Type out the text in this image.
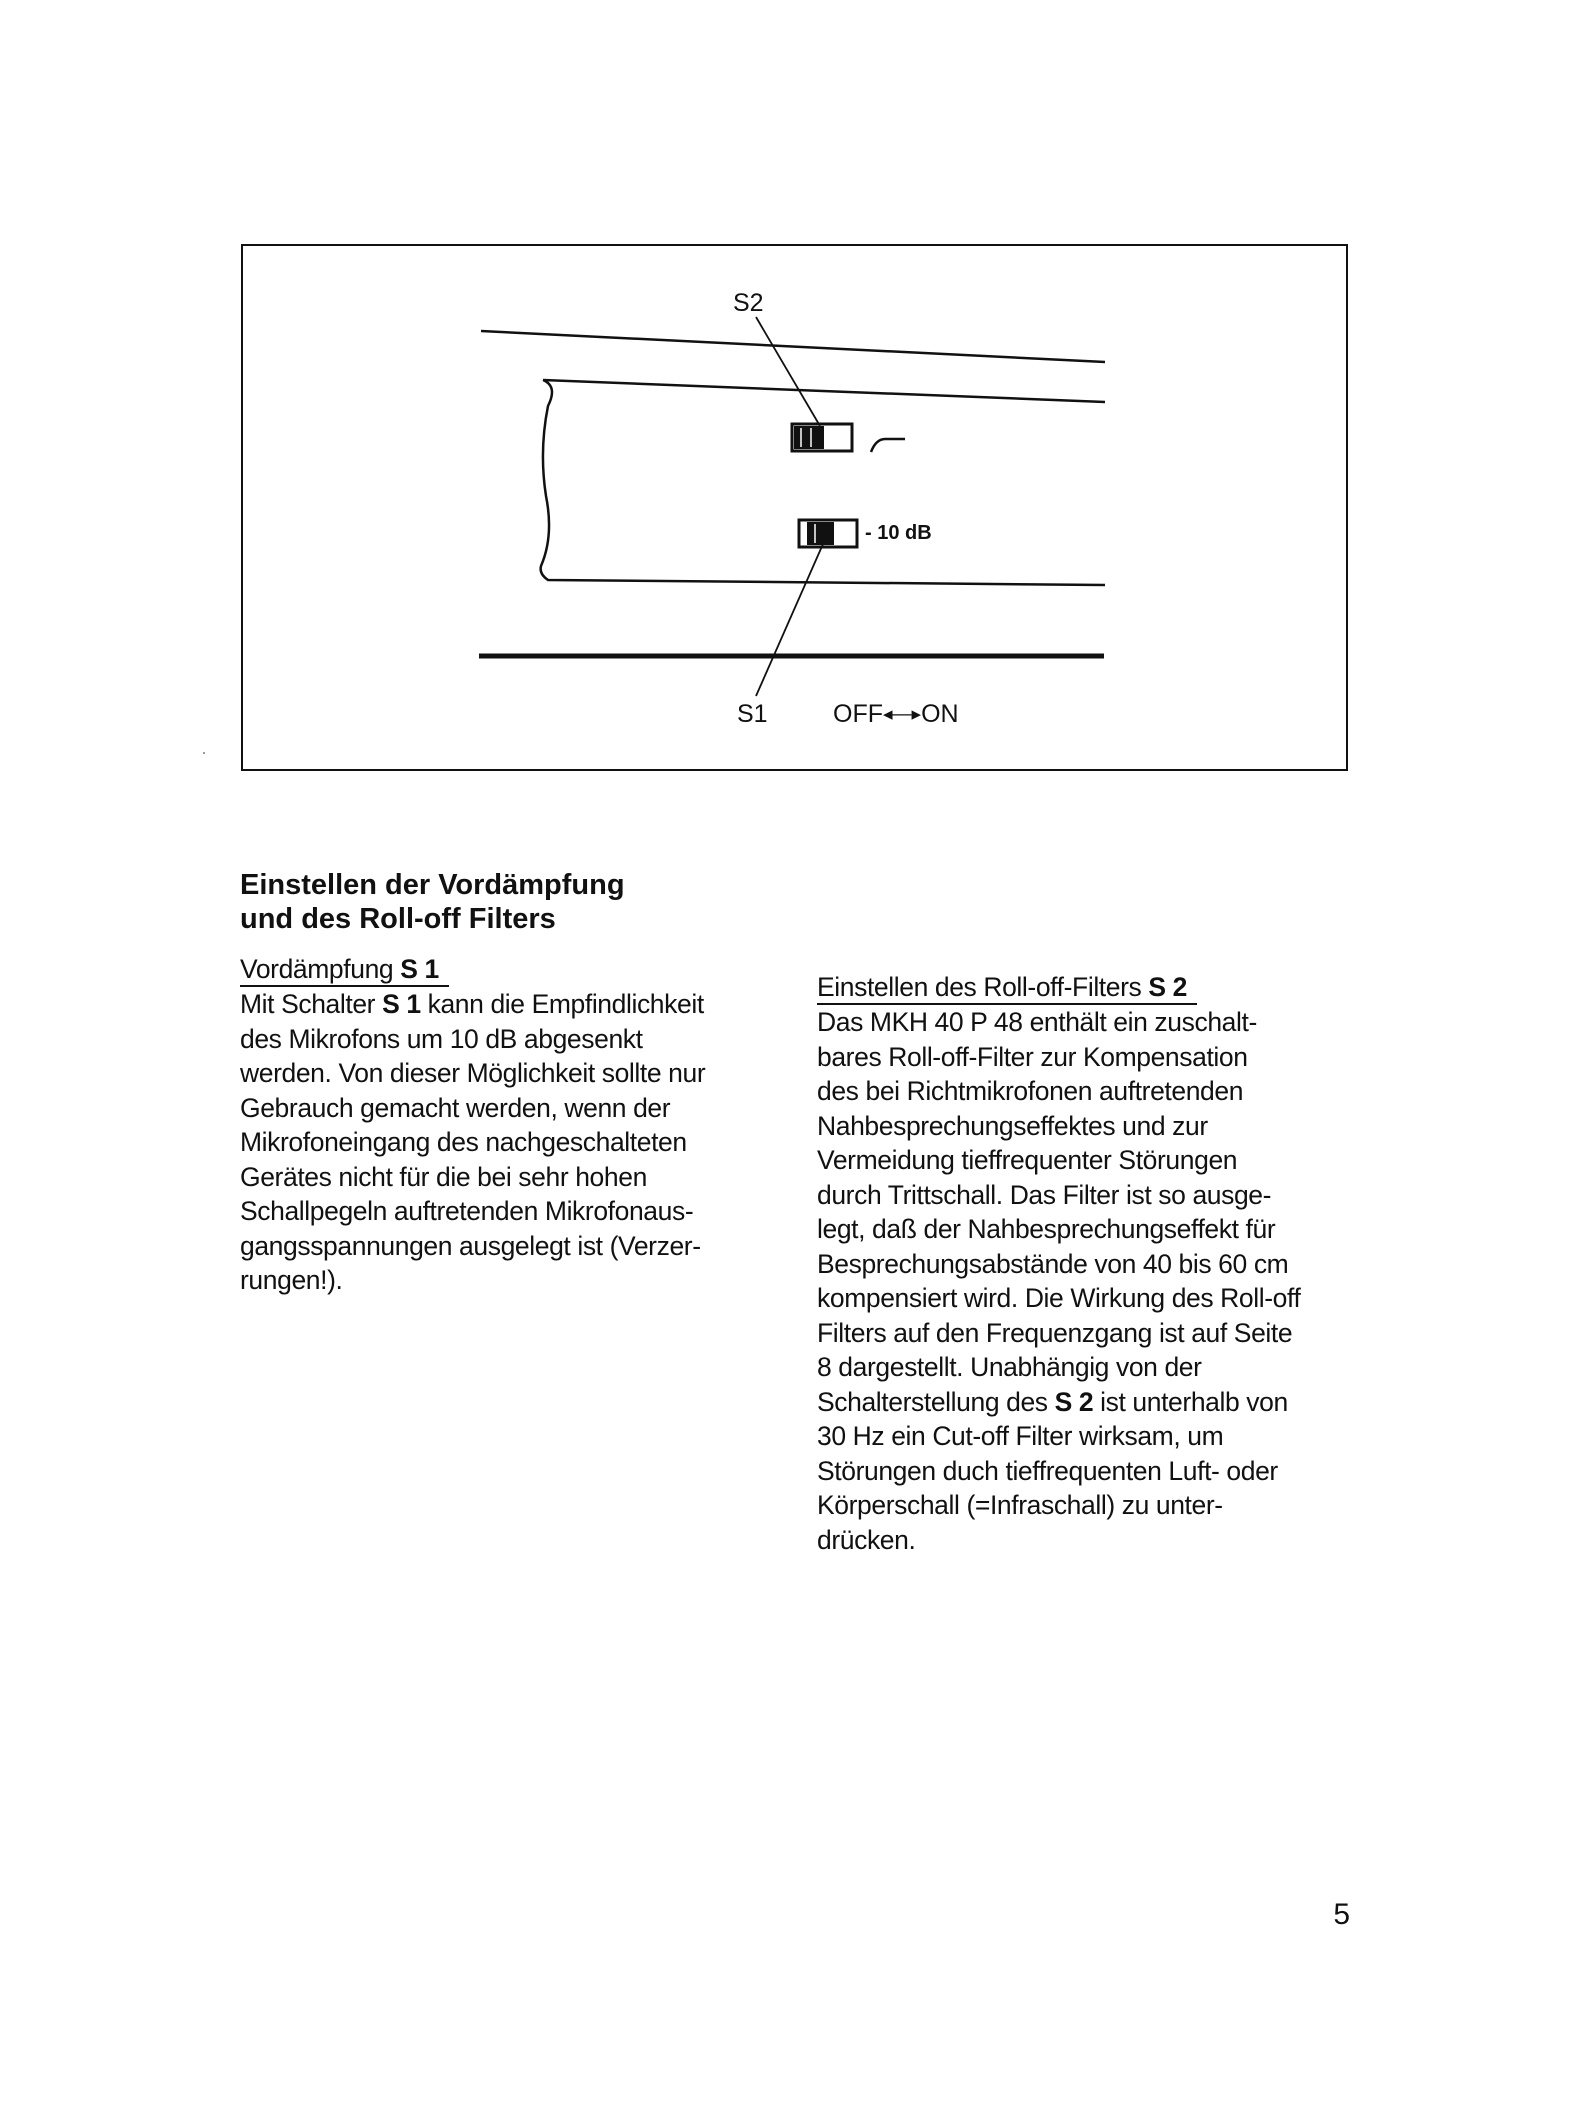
S2
- 10 dB
S1	OFF◂—▸ON
Einstellen der Vordämpfung
und des Roll-off Filters
Vordämpfung S 1
Mit Schalter S 1 kann die Empfindlichkeit
des Mikrofons um 10 dB abgesenkt
werden. Von dieser Möglichkeit sollte nur
Gebrauch gemacht werden, wenn der
Mikrofoneingang des nachgeschalteten
Gerätes nicht für die bei sehr hohen
Schallpegeln auftretenden Mikrofonaus-
gangsspannungen ausgelegt ist (Verzer-
rungen!).
Einstellen des Roll-off-Filters S 2
Das MKH 40 P 48 enthält ein zuschalt-
bares Roll-off-Filter zur Kompensation
des bei Richtmikrofonen auftretenden
Nahbesprechungseffektes und zur
Vermeidung tieffrequenter Störungen
durch Trittschall. Das Filter ist so ausge-
legt, daß der Nahbesprechungseffekt für
Besprechungsabstände von 40 bis 60 cm
kompensiert wird. Die Wirkung des Roll-off
Filters auf den Frequenzgang ist auf Seite
8 dargestellt. Unabhängig von der
Schalterstellung des S 2 ist unterhalb von
30 Hz ein Cut-off Filter wirksam, um
Störungen duch tieffrequenten Luft- oder
Körperschall (=Infraschall) zu unter-
drücken.
5
